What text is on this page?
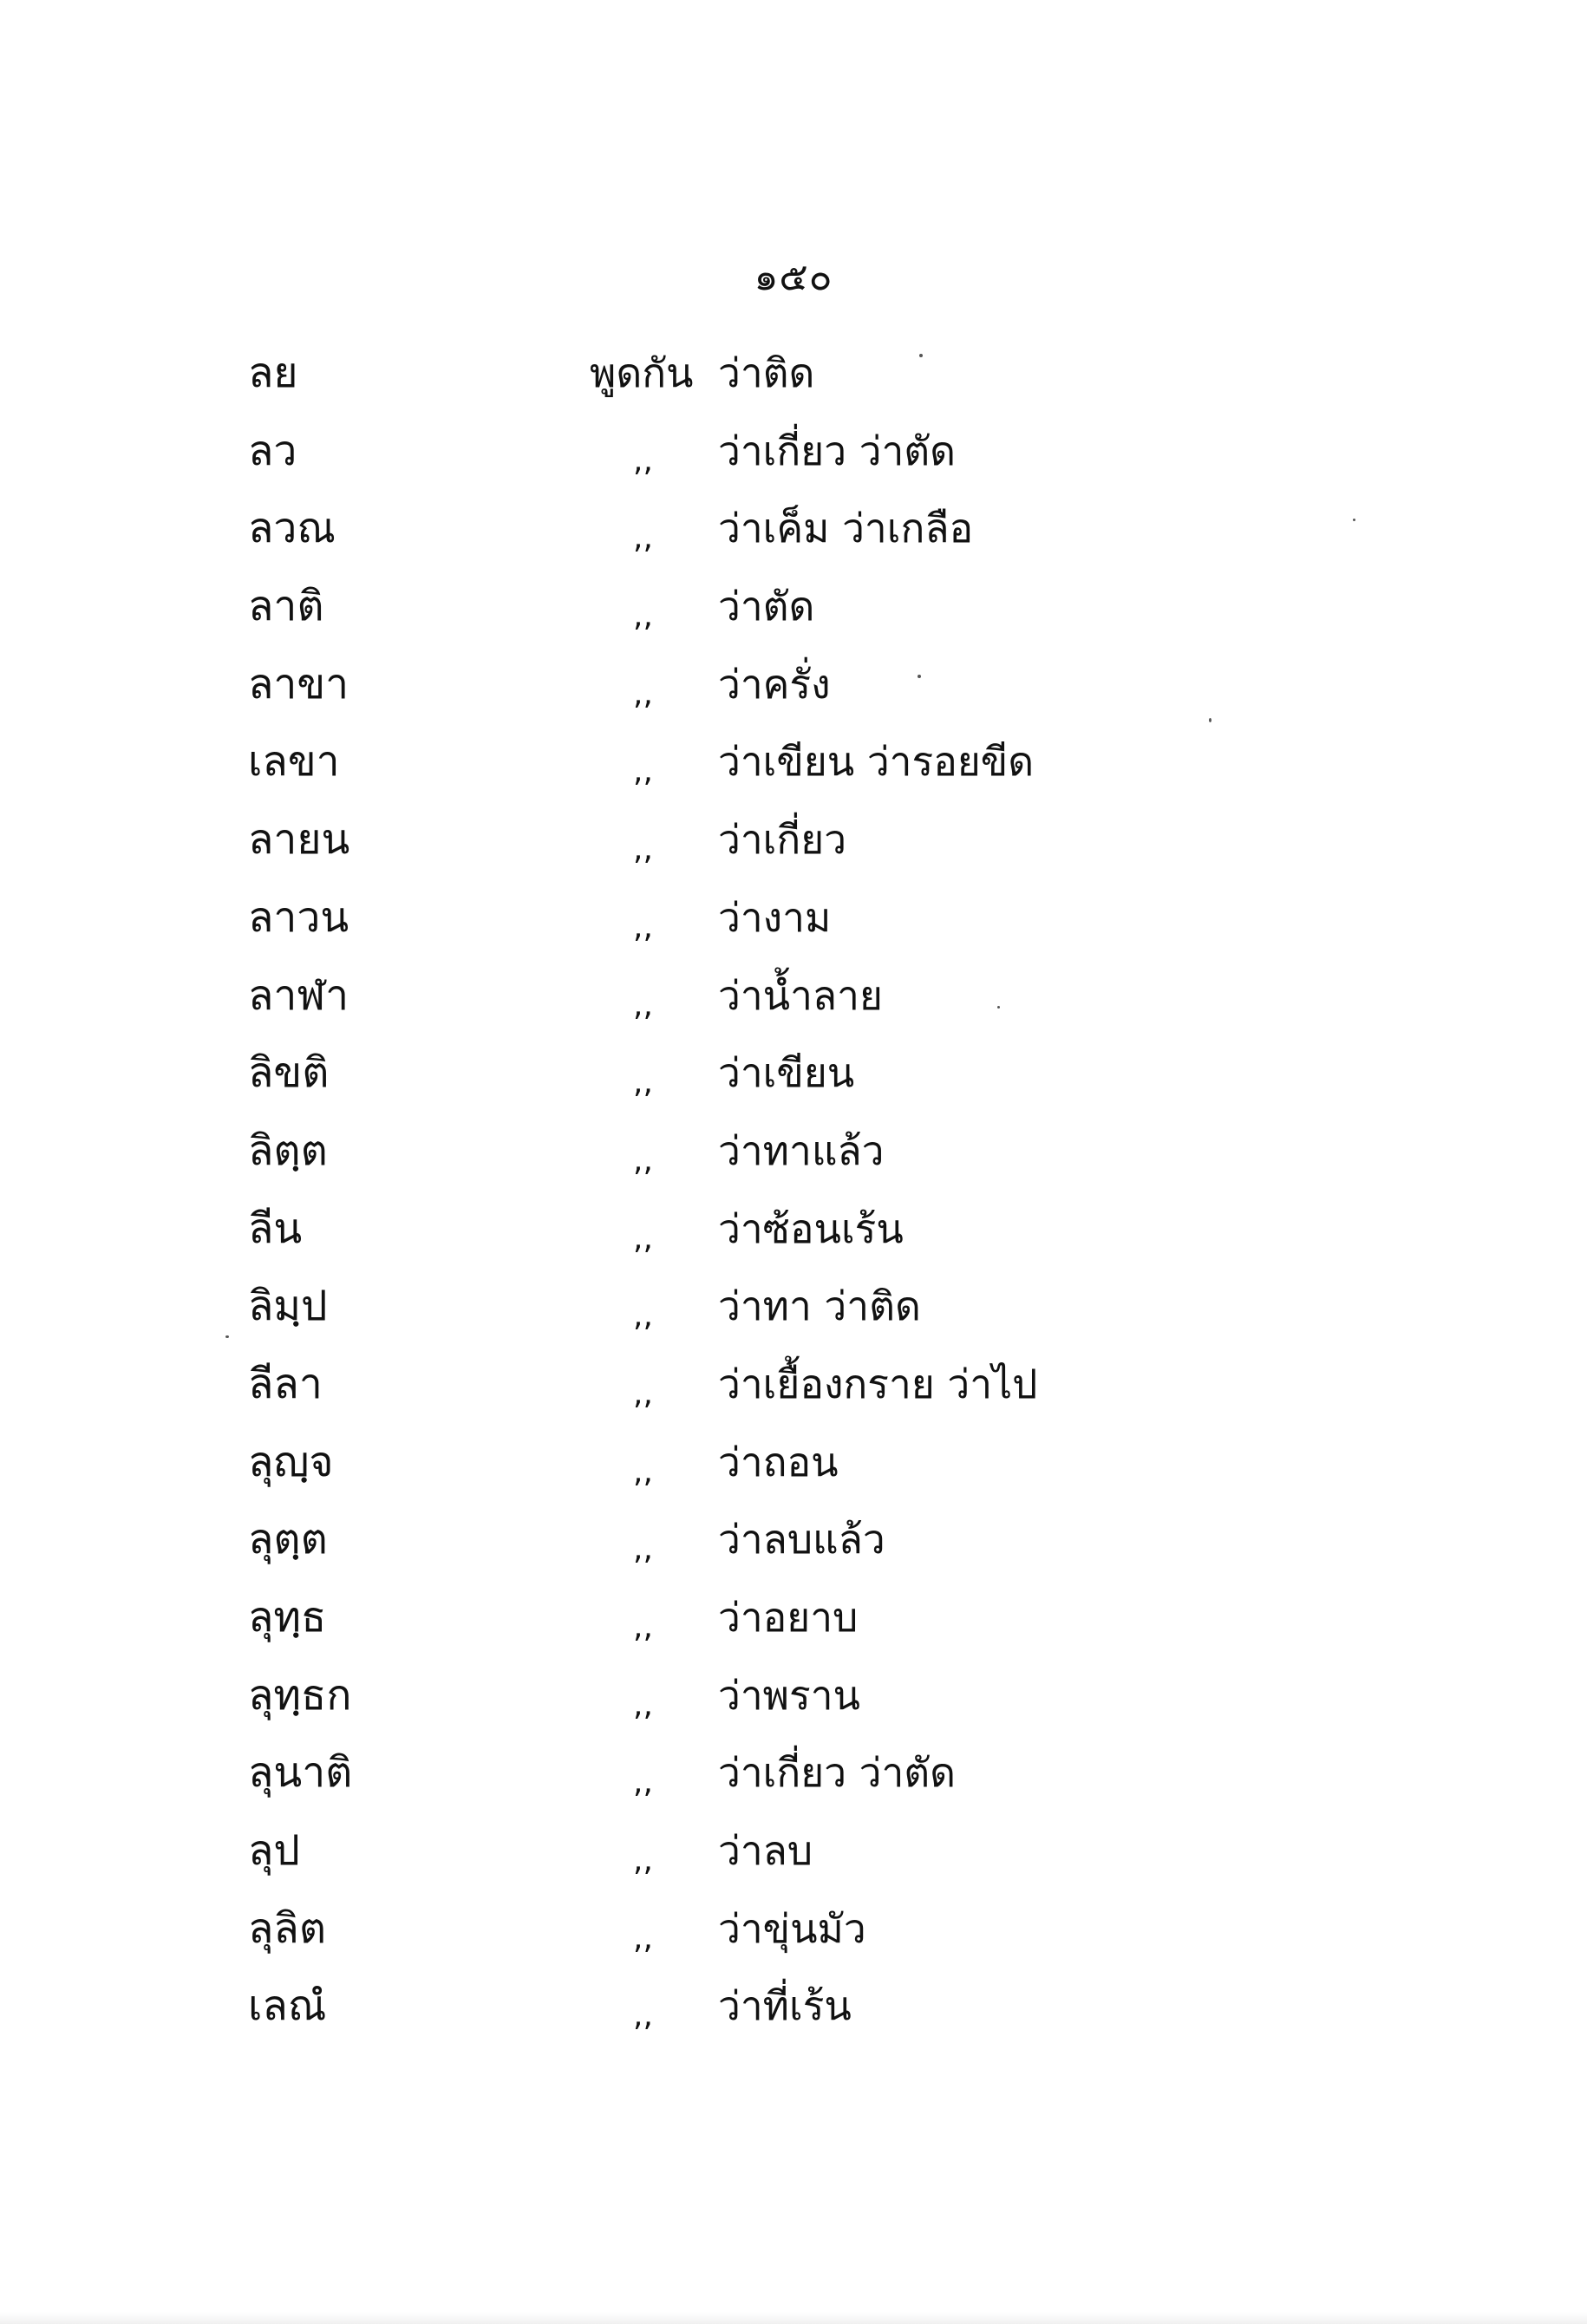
๑๕๐
ลย	พูดกัน ว่าติด
ลว	,, ว่าเกี่ยว ว่าตัด
ลวณ	,, ว่าเค็ม ว่าเกลือ
ลาติ	,, ว่าตัด
ลาขา	,, ว่าครั่ง
เลขา	,, ว่าเขียน ว่ารอยขีด
ลายน	,, ว่าเกี่ยว
ลาวน	,, ว่างาม
ลาฬา	,, ว่าน้ำลาย
ลิขติ	,, ว่าเขียน
ลิตฺต	,, ว่าทาแล้ว
ลีน	,, ว่าซ้อนเร้น
ลิมฺป	,, ว่าทา ว่าติด
ลีลา	,, ว่าเยื้องกราย ว่าไป
ลุญฺจ	,, ว่าถอน
ลุตฺต	,, ว่าลบแล้ว
ลุทฺธ	,, ว่าอยาบ
ลุทฺธก	,, ว่าพราน
ลุนาติ	,, ว่าเกี่ยว ว่าตัด
ลุป	,, ว่าลบ
ลุลิต	,, ว่าขุ่นมัว
เลณํ	,, ว่าที่เร้น
